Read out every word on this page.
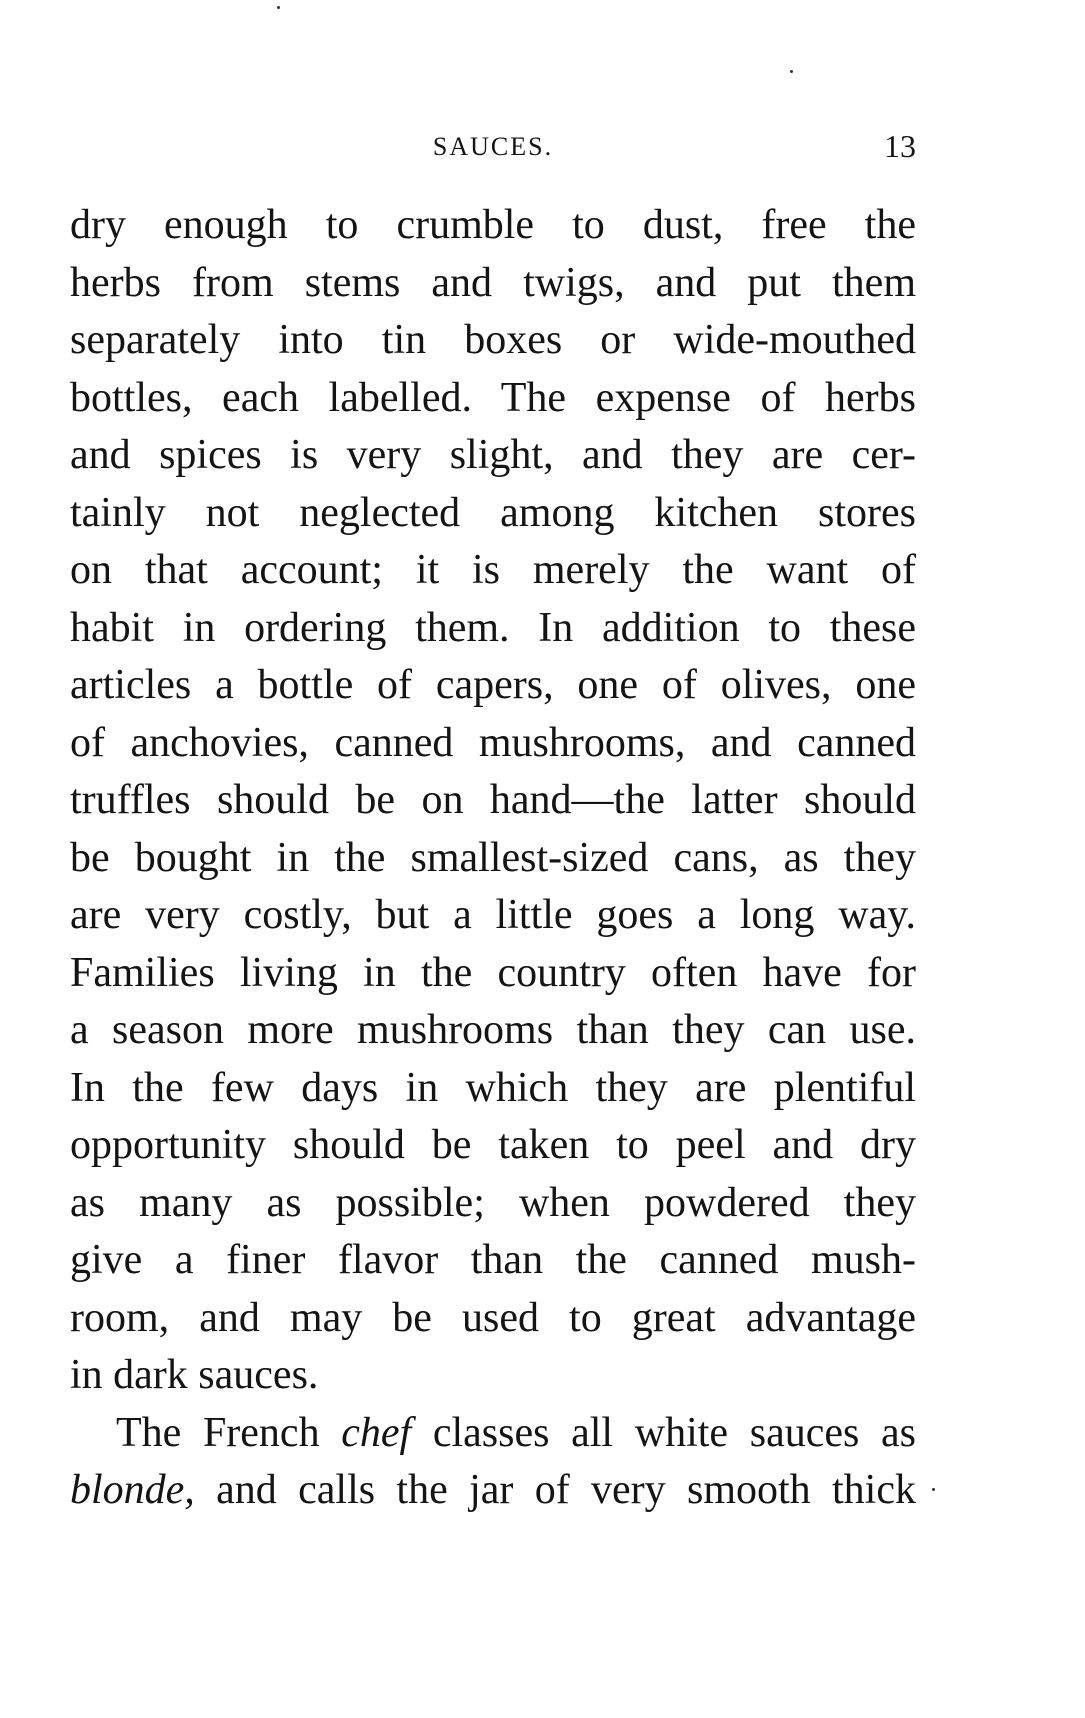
SAUCES.	13
dry enough to crumble to dust, free the
herbs from stems and twigs, and put them
separately into tin boxes or wide-mouthed
bottles, each labelled. The expense of herbs
and spices is very slight, and they are cer-
tainly not neglected among kitchen stores
on that account; it is merely the want of
habit in ordering them. In addition to these
articles a bottle of capers, one of olives, one
of anchovies, canned mushrooms, and canned
truffles should be on hand—the latter should
be bought in the smallest-sized cans, as they
are very costly, but a little goes a long way.
Families living in the country often have for
a season more mushrooms than they can use.
In the few days in which they are plentiful
opportunity should be taken to peel and dry
as many as possible; when powdered they
give a finer flavor than the canned mush-
room, and may be used to great advantage
in dark sauces.
The French chef classes all white sauces as
blonde, and calls the jar of very smooth thick
